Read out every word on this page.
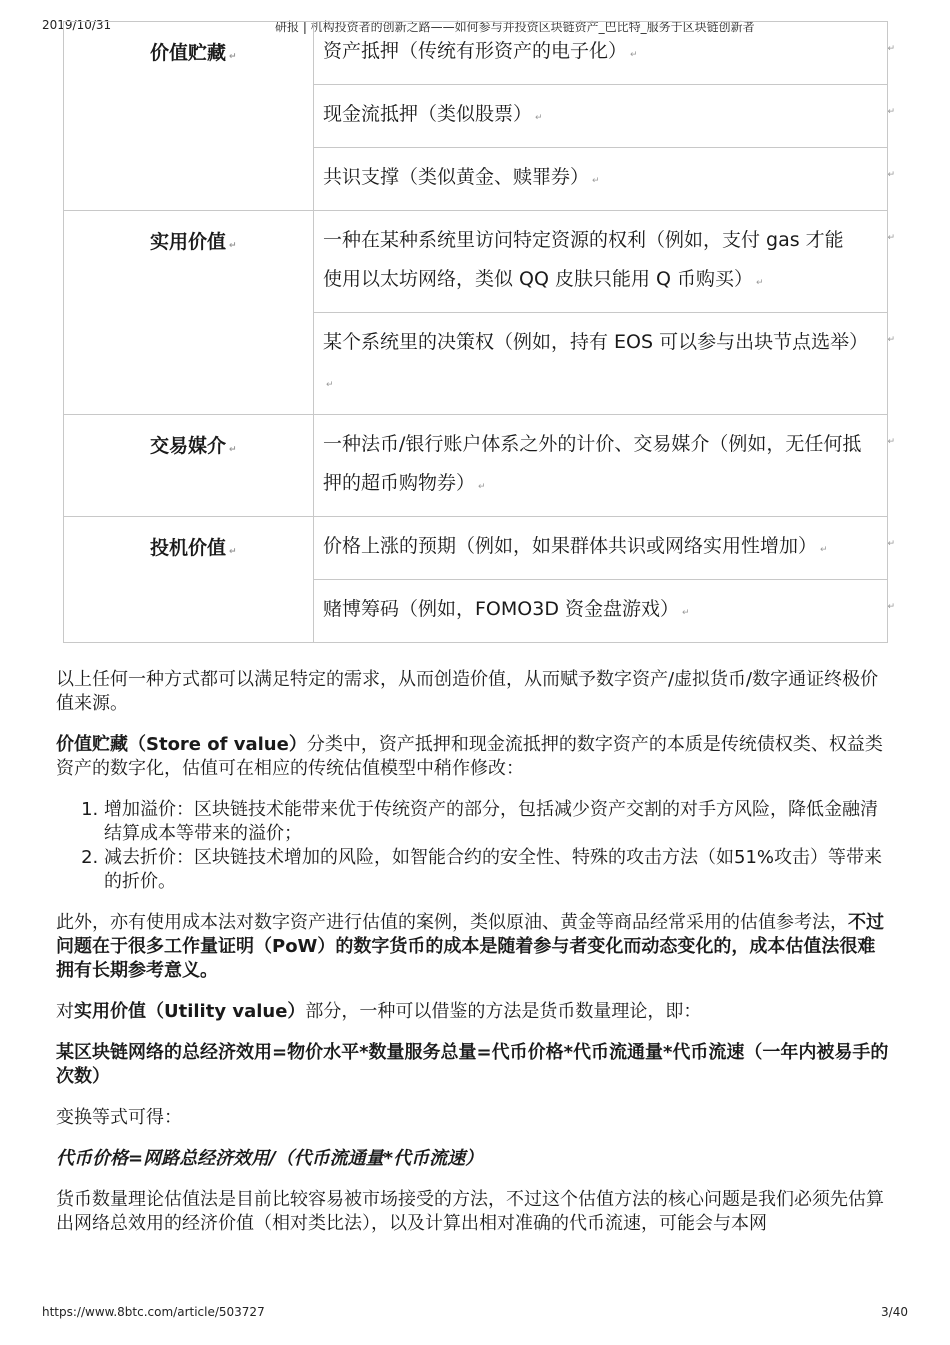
2019/10/31	研报 | 机构投资者的创新之路——如何参与并投资区块链资产_巴比特_服务于区块链创新者
价值贮藏 ↵	资产抵押（传统有形资产的电子化） ↵
↵

	现金流抵押（类似股票） ↵
↵

	共识支撑（类似黄金、赎罪券） ↵
↵

实用价值 ↵	一种在某种系统里访问特定资源的权利（例如，支付 gas 才能使用以太坊网络，类似 QQ 皮肤只能用 Q 币购买） ↵
↵

	某个系统里的决策权（例如，持有 EOS 可以参与出块节点选举）↵
↵

交易媒介 ↵	一种法币/银行账户体系之外的计价、交易媒介（例如，无任何抵押的超币购物券） ↵
↵

投机价值 ↵	价格上涨的预期（例如，如果群体共识或网络实用性增加） ↵
↵

	赌博筹码（例如，FOMO3D 资金盘游戏） ↵
↵

以上任何一种方式都可以满足特定的需求，从而创造价值，从而赋予数字资产/虚拟货币/数字通证终极价值来源。

价值贮藏（Store of value）分类中，资产抵押和现金流抵押的数字资产的本质是传统债权类、权益类资产的数字化，估值可在相应的传统估值模型中稍作修改：

1. 增加溢价：区块链技术能带来优于传统资产的部分，包括减少资产交割的对手方风险，降低金融清结算成本等带来的溢价；
2. 减去折价：区块链技术增加的风险，如智能合约的安全性、特殊的攻击方法（如51%攻击）等带来的折价。

此外，亦有使用成本法对数字资产进行估值的案例，类似原油、黄金等商品经常采用的估值参考法，不过问题在于很多工作量证明（PoW）的数字货币的成本是随着参与者变化而动态变化的，成本估值法很难拥有长期参考意义。

对实用价值（Utility value）部分，一种可以借鉴的方法是货币数量理论，即：

某区块链网络的总经济效用=物价水平*数量服务总量=代币价格*代币流通量*代币流速（一年内被易手的次数）

变换等式可得：

代币价格=网路总经济效用/（代币流通量*代币流速）

货币数量理论估值法是目前比较容易被市场接受的方法，不过这个估值方法的核心问题是我们必须先估算出网络总效用的经济价值（相对类比法），以及计算出相对准确的代币流速，可能会与本网

https://www.8btc.com/article/503727	3/40
